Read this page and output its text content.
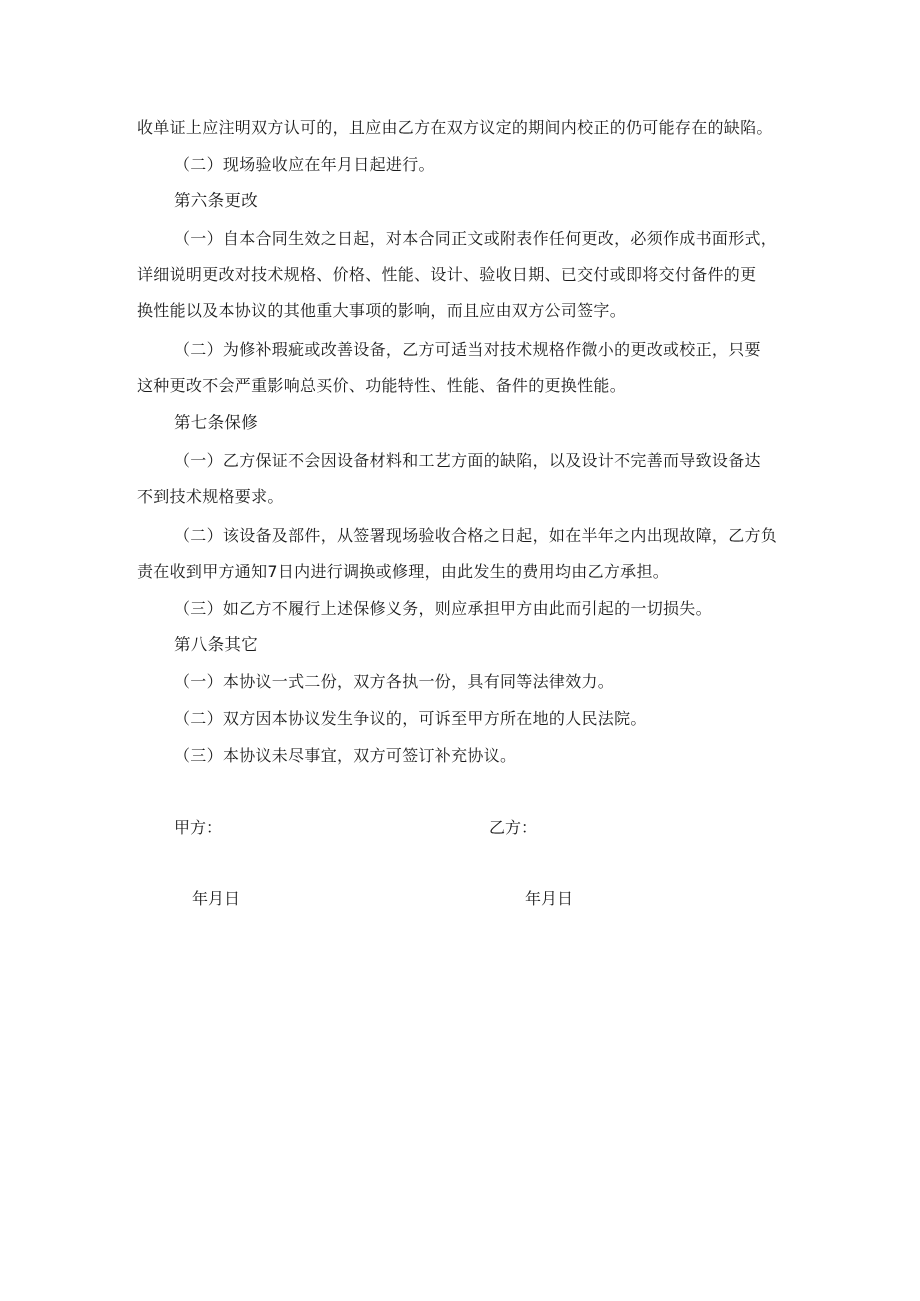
收单证上应注明双方认可的，且应由乙方在双方议定的期间内校正的仍可能存在的缺陷。
（二）现场验收应在年月日起进行。
第六条更改
（一）自本合同生效之日起，对本合同正文或附表作任何更改，必须作成书面形式，
详细说明更改对技术规格、价格、性能、设计、验收日期、已交付或即将交付备件的更
换性能以及本协议的其他重大事项的影响，而且应由双方公司签字。
（二）为修补瑕疵或改善设备，乙方可适当对技术规格作微小的更改或校正，只要
这种更改不会严重影响总买价、功能特性、性能、备件的更换性能。
第七条保修
（一）乙方保证不会因设备材料和工艺方面的缺陷，以及设计不完善而导致设备达
不到技术规格要求。
（二）该设备及部件，从签署现场验收合格之日起，如在半年之内出现故障，乙方负
责在收到甲方通知7日内进行调换或修理，由此发生的费用均由乙方承担。
（三）如乙方不履行上述保修义务，则应承担甲方由此而引起的一切损失。
第八条其它
（一）本协议一式二份，双方各执一份，具有同等法律效力。
（二）双方因本协议发生争议的，可诉至甲方所在地的人民法院。
（三）本协议未尽事宜，双方可签订补充协议。
甲方：	乙方：
年月日	年月日
